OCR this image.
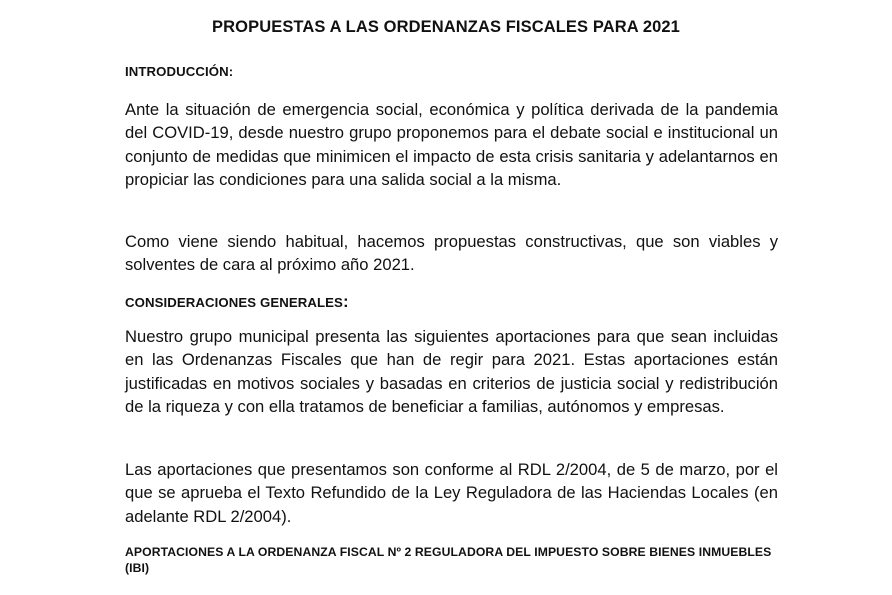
PROPUESTAS A LAS ORDENANZAS FISCALES PARA 2021
INTRODUCCIÓN:

Ante la situación de emergencia social, económica y política derivada de la pandemia del COVID-19, desde nuestro grupo proponemos para el debate social e institucional un conjunto de medidas que minimicen el impacto de esta crisis sanitaria y adelantarnos en propiciar las condiciones para una salida social a la misma.

Como viene siendo habitual, hacemos propuestas constructivas, que son viables y solventes de cara al próximo año 2021.

CONSIDERACIONES GENERALES:

Nuestro grupo municipal presenta las siguientes aportaciones para que sean incluidas en las Ordenanzas Fiscales que han de regir para 2021. Estas aportaciones están justificadas en motivos sociales y basadas en criterios de justicia social y redistribución de la riqueza y con ella tratamos de beneficiar a familias, autónomos y empresas.

Las aportaciones que presentamos son conforme al RDL 2/2004, de 5 de marzo, por el que se aprueba el Texto Refundido de la Ley Reguladora de las Haciendas Locales (en adelante RDL 2/2004).

APORTACIONES A LA ORDENANZA FISCAL Nº 2 REGULADORA DEL IMPUESTO SOBRE BIENES INMUEBLES (IBI)
